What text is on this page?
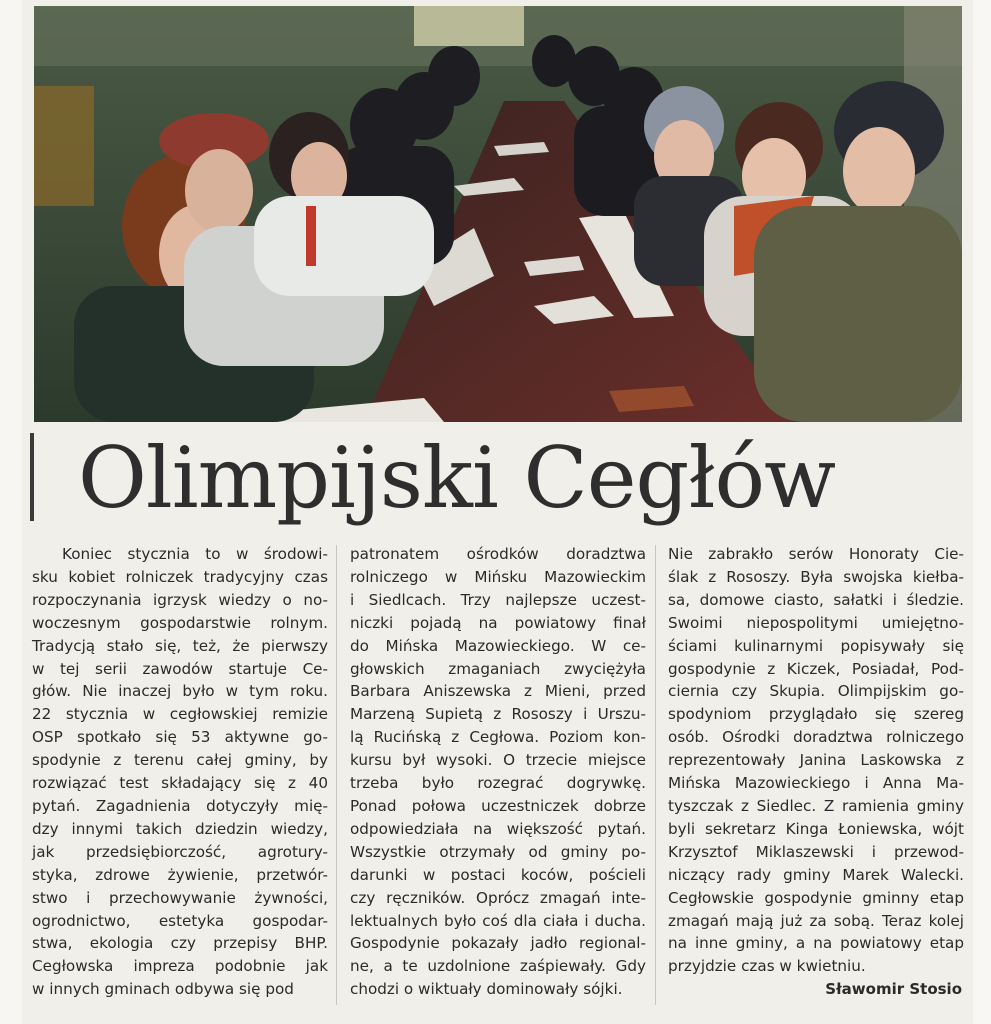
Olimpijski Cegłów
Koniec stycznia to w środowi-
sku kobiet rolniczek tradycyjny czas
rozpoczynania igrzysk wiedzy o no-
woczesnym gospodarstwie rolnym.
Tradycją stało się, też, że pierwszy
w tej serii zawodów startuje Ce-
głów. Nie inaczej było w tym roku.
22 stycznia w cegłowskiej remizie
OSP spotkało się 53 aktywne go-
spodynie z terenu całej gminy, by
rozwiązać test składający się z 40
pytań. Zagadnienia dotyczyły mię-
dzy innymi takich dziedzin wiedzy,
jak przedsiębiorczość, agrotury-
styka, zdrowe żywienie, przetwór-
stwo i przechowywanie żywności,
ogrodnictwo, estetyka gospodar-
stwa, ekologia czy przepisy BHP.
Cegłowska impreza podobnie jak
w innych gminach odbywa się pod
patronatem ośrodków doradztwa
rolniczego w Mińsku Mazowieckim
i Siedlcach. Trzy najlepsze uczest-
niczki pojadą na powiatowy finał
do Mińska Mazowieckiego. W ce-
głowskich zmaganiach zwyciężyła
Barbara Aniszewska z Mieni, przed
Marzeną Supietą z Rososzy i Urszu-
lą Rucińską z Cegłowa. Poziom kon-
kursu był wysoki. O trzecie miejsce
trzeba było rozegrać dogrywkę.
Ponad połowa uczestniczek dobrze
odpowiedziała na większość pytań.
Wszystkie otrzymały od gminy po-
darunki w postaci koców, pościeli
czy ręczników. Oprócz zmagań inte-
lektualnych było coś dla ciała i ducha.
Gospodynie pokazały jadło regional-
ne, a te uzdolnione zaśpiewały. Gdy
chodzi o wiktuały dominowały sójki.
Nie zabrakło serów Honoraty Cie-
ślak z Rososzy. Była swojska kiełba-
sa, domowe ciasto, sałatki i śledzie.
Swoimi niepospolitymi umiejętno-
ściami kulinarnymi popisywały się
gospodynie z Kiczek, Posiadał, Pod-
ciernia czy Skupia. Olimpijskim go-
spodyniom przyglądało się szereg
osób. Ośrodki doradztwa rolniczego
reprezentowały Janina Laskowska z
Mińska Mazowieckiego i Anna Ma-
tyszczak z Siedlec. Z ramienia gminy
byli sekretarz Kinga Łoniewska, wójt
Krzysztof Miklaszewski i przewod-
niczący rady gminy Marek Walecki.
Cegłowskie gospodynie gminny etap
zmagań mają już za sobą. Teraz kolej
na inne gminy, a na powiatowy etap
przyjdzie czas w kwietniu.
Sławomir Stosio
